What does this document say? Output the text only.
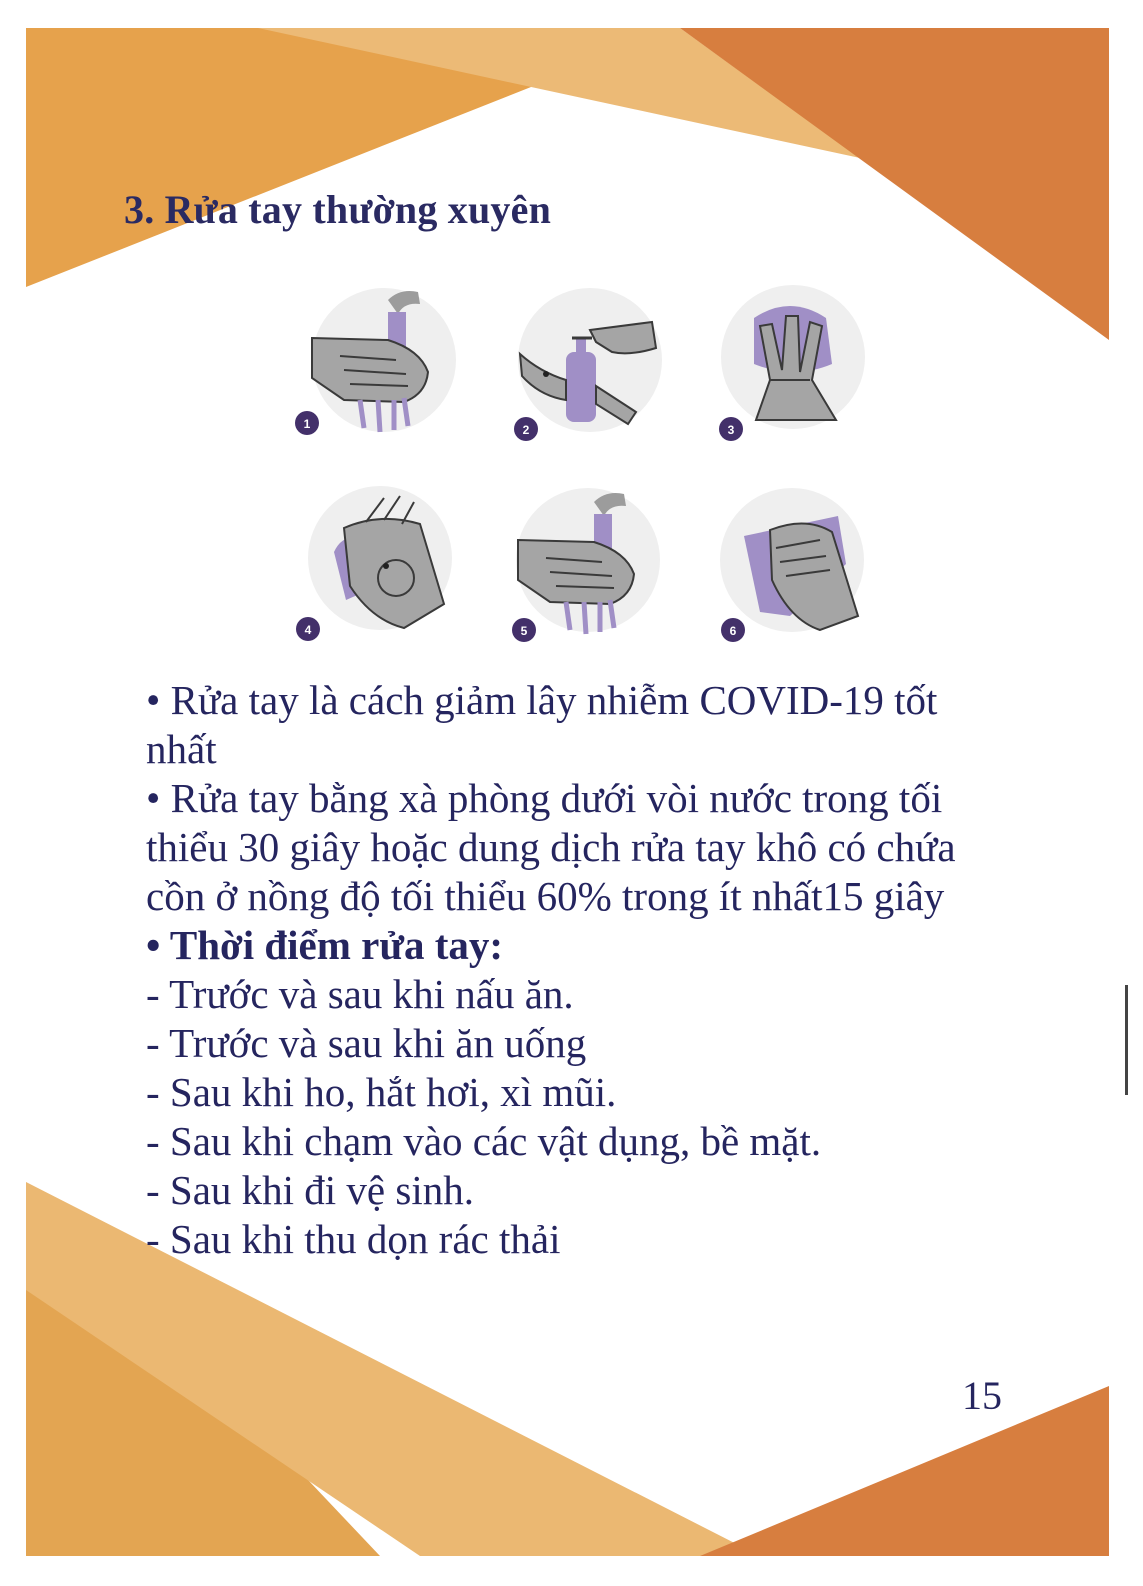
3. Rửa tay thường xuyên
1	2	3
4	5	6

• Rửa tay là cách giảm lây nhiễm COVID-19 tốt nhất

• Rửa tay bằng xà phòng dưới vòi nước trong tối thiểu 30 giây hoặc dung dịch rửa tay khô có chứa cồn ở nồng độ tối thiểu 60% trong ít nhất15 giây

• Thời điểm rửa tay:

- Trước và sau khi nấu ăn.

- Trước và sau khi ăn uống

- Sau khi ho, hắt hơi, xì mũi.

- Sau khi chạm vào các vật dụng, bề mặt.

- Sau khi đi vệ sinh.

- Sau khi thu dọn rác thải

15
